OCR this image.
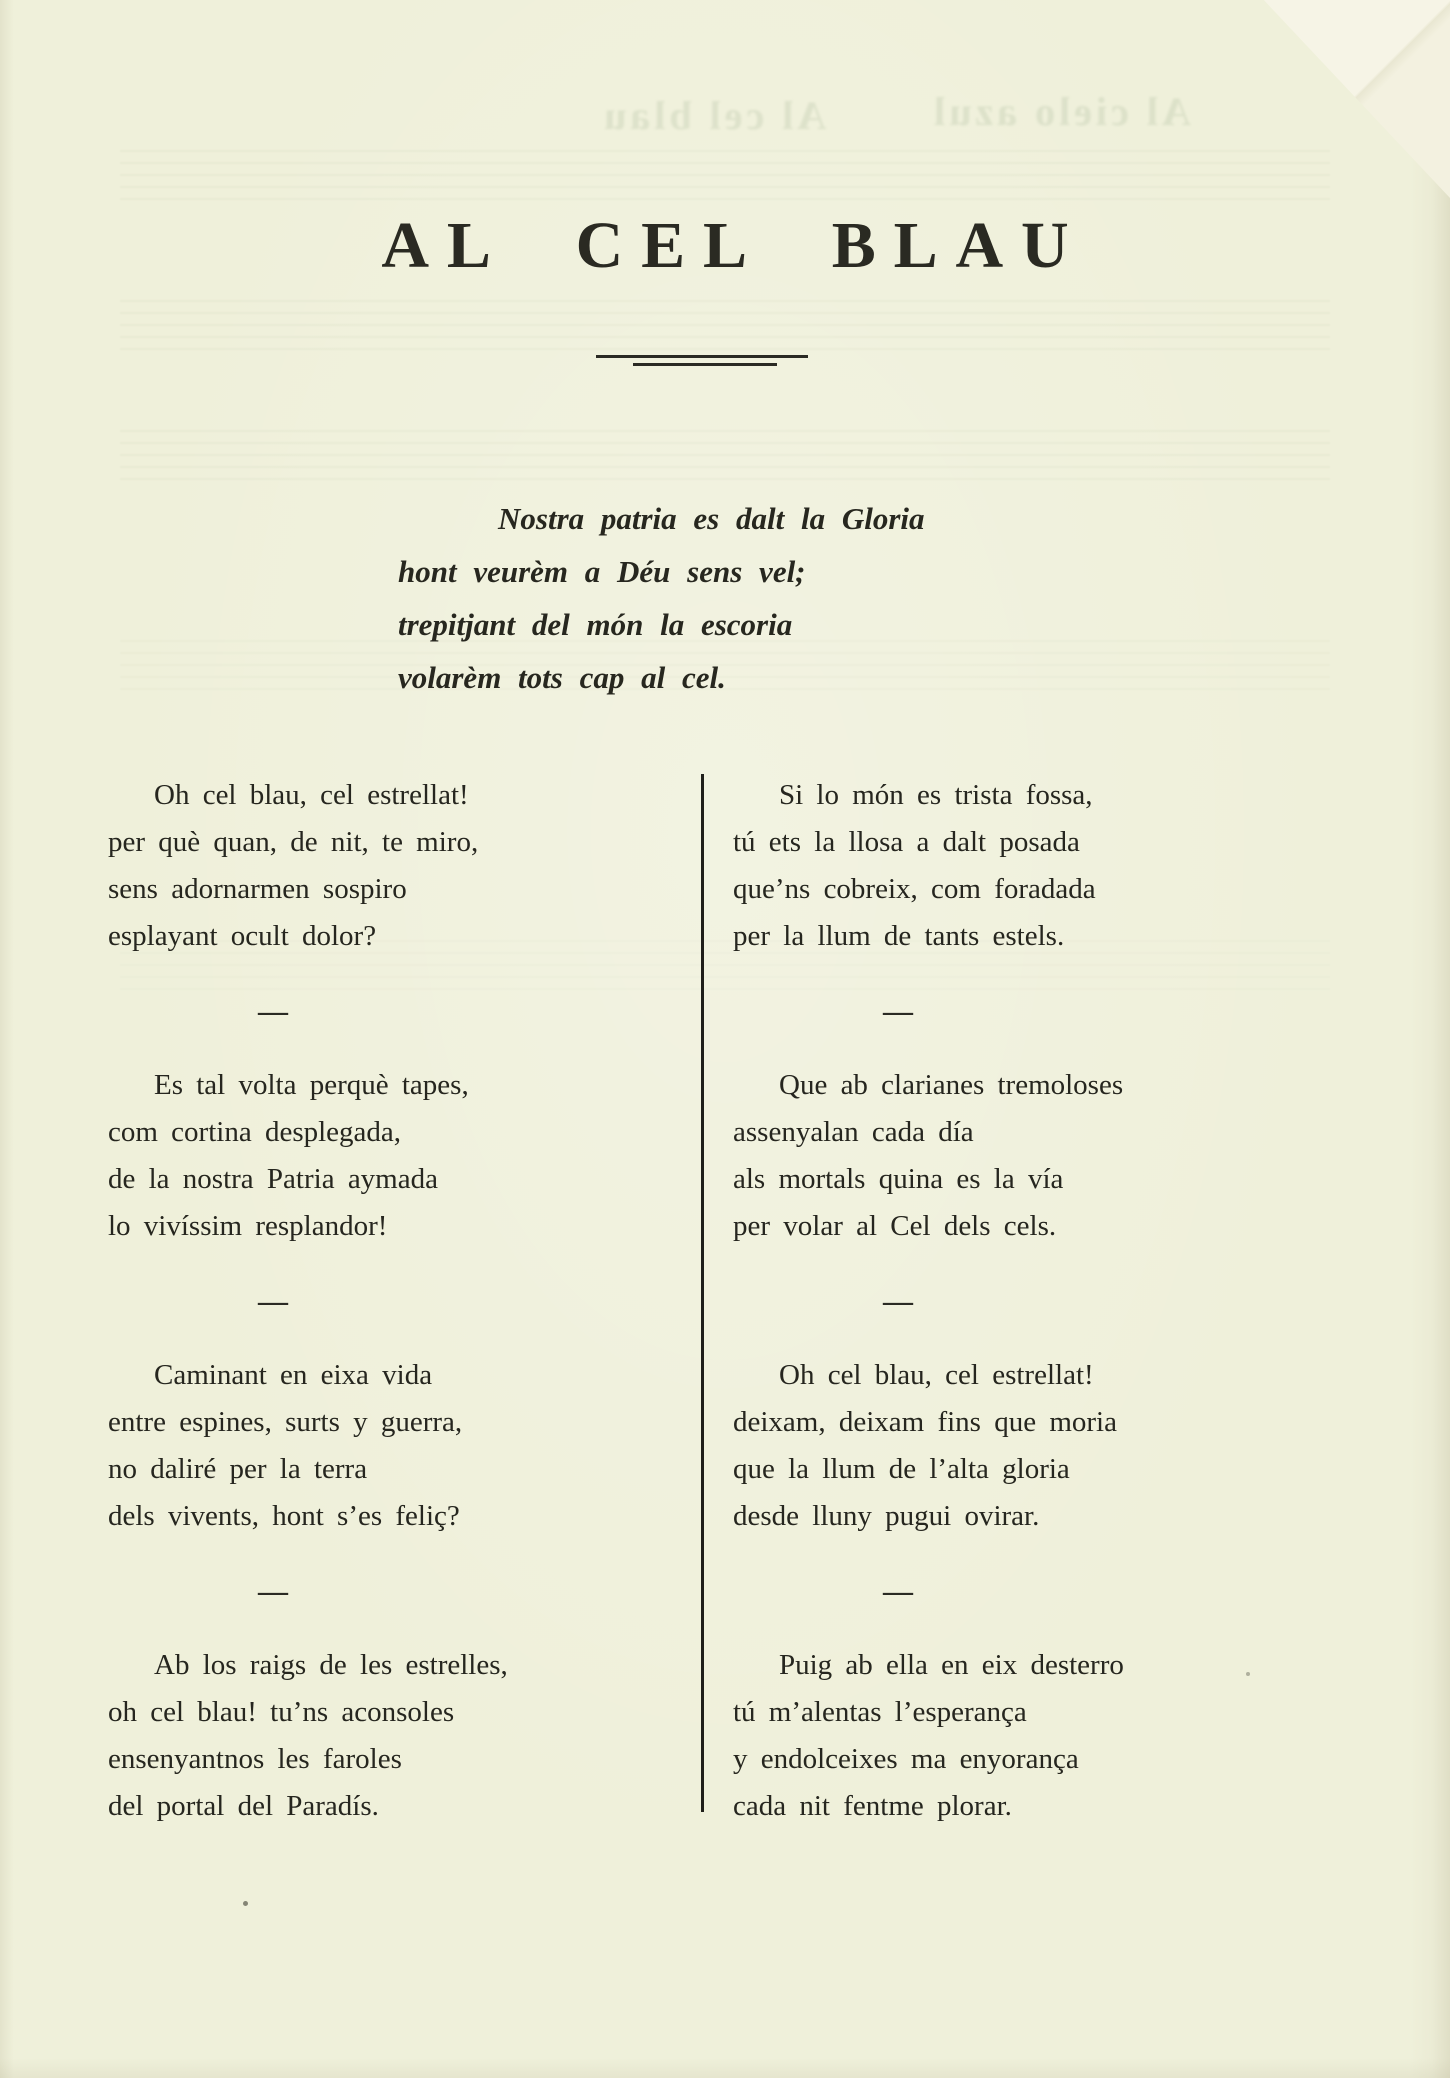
Al cel blau	Al cielo azul
AL CEL BLAU
Nostra patria es dalt la Gloria
hont veurèm a Déu sens vel;
trepitjant del món la escoria
volarèm tots cap al cel.
Oh cel blau, cel estrellat!
per què quan, de nit, te miro,
sens adornarmen sospiro
esplayant ocult dolor?
—
Es tal volta perquè tapes,
com cortina desplegada,
de la nostra Patria aymada
lo vivíssim resplandor!
—
Caminant en eixa vida
entre espines, surts y guerra,
no daliré per la terra
dels vivents, hont s’es feliç?
—
Ab los raigs de les estrelles,
oh cel blau! tu’ns aconsoles
ensenyantnos les faroles
del portal del Paradís.
Si lo món es trista fossa,
tú ets la llosa a dalt posada
que’ns cobreix, com foradada
per la llum de tants estels.
—
Que ab clarianes tremoloses
assenyalan cada día
als mortals quina es la vía
per volar al Cel dels cels.
—
Oh cel blau, cel estrellat!
deixam, deixam fins que moria
que la llum de l’alta gloria
desde lluny pugui ovirar.
—
Puig ab ella en eix desterro
tú m’alentas l’esperança
y endolceixes ma enyorança
cada nit fentme plorar.
